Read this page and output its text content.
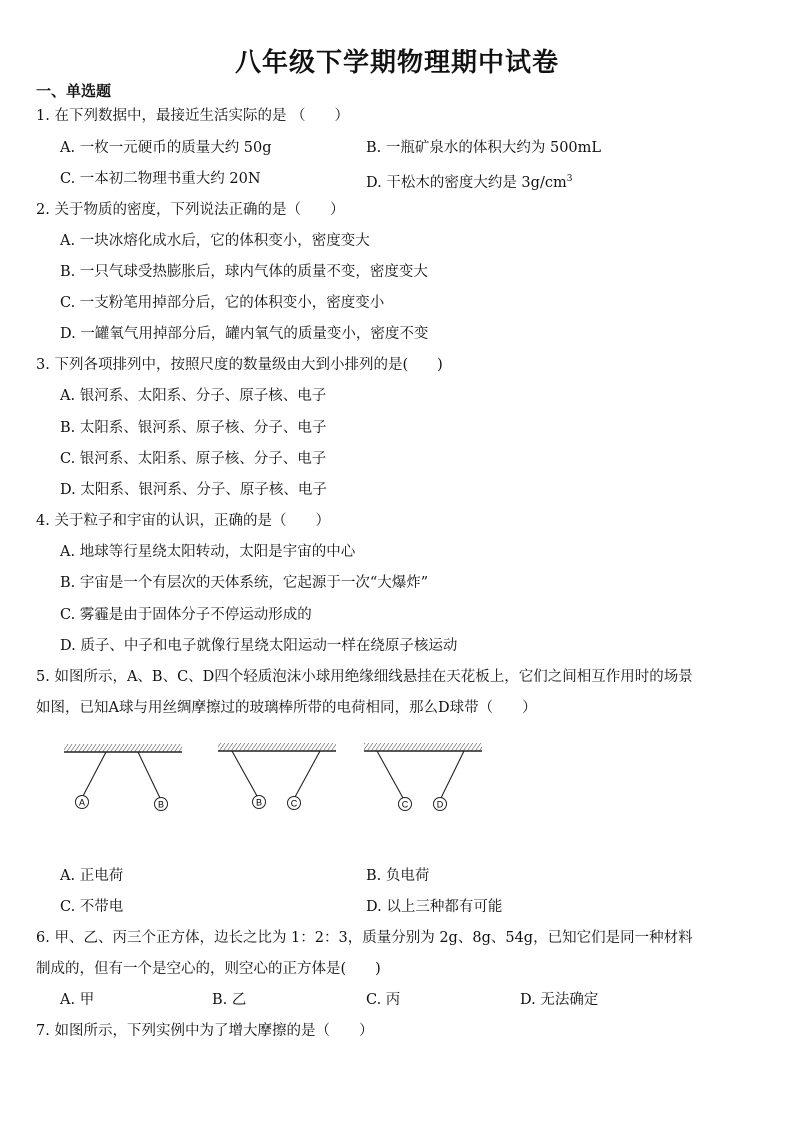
八年级下学期物理期中试卷
一、单选题
1. 在下列数据中，最接近生活实际的是 （　　）
A. 一枚一元硬币的质量大约 50g	B. 一瓶矿泉水的体积大约为 500mL
C. 一本初二物理书重大约 20N	D. 干松木的密度大约是 $3g/cm^3$
2. 关于物质的密度，下列说法正确的是（　　）
A. 一块冰熔化成水后，它的体积变小，密度变大
B. 一只气球受热膨胀后，球内气体的质量不变，密度变大
C. 一支粉笔用掉部分后，它的体积变小，密度变小
D. 一罐氧气用掉部分后，罐内氧气的质量变小，密度不变
3. 下列各项排列中，按照尺度的数量级由大到小排列的是(　　)
A. 银河系、太阳系、分子、原子核、电子
B. 太阳系、银河系、原子核、分子、电子
C. 银河系、太阳系、原子核、分子、电子
D. 太阳系、银河系、分子、原子核、电子
4. 关于粒子和宇宙的认识，正确的是（　　）
A. 地球等行星绕太阳转动，太阳是宇宙的中心
B. 宇宙是一个有层次的天体系统，它起源于一次“大爆炸”
C. 雾霾是由于固体分子不停运动形成的
D. 质子、中子和电子就像行星绕太阳运动一样在绕原子核运动
5. 如图所示，A、B、C、D四个轻质泡沫小球用绝缘细线悬挂在天花板上，它们之间相互作用时的场景
如图，已知A球与用丝绸摩擦过的玻璃棒所带的电荷相同，那么D球带（　　）
A	B	B	C	C	D
A. 正电荷	B. 负电荷
C. 不带电	D. 以上三种都有可能
6. 甲、乙、丙三个正方体，边长之比为 1：2：3，质量分别为 2g、8g、54g，已知它们是同一种材料
制成的，但有一个是空心的，则空心的正方体是(　　)
A. 甲	B. 乙	C. 丙	D. 无法确定
7. 如图所示，下列实例中为了增大摩擦的是（　　）
